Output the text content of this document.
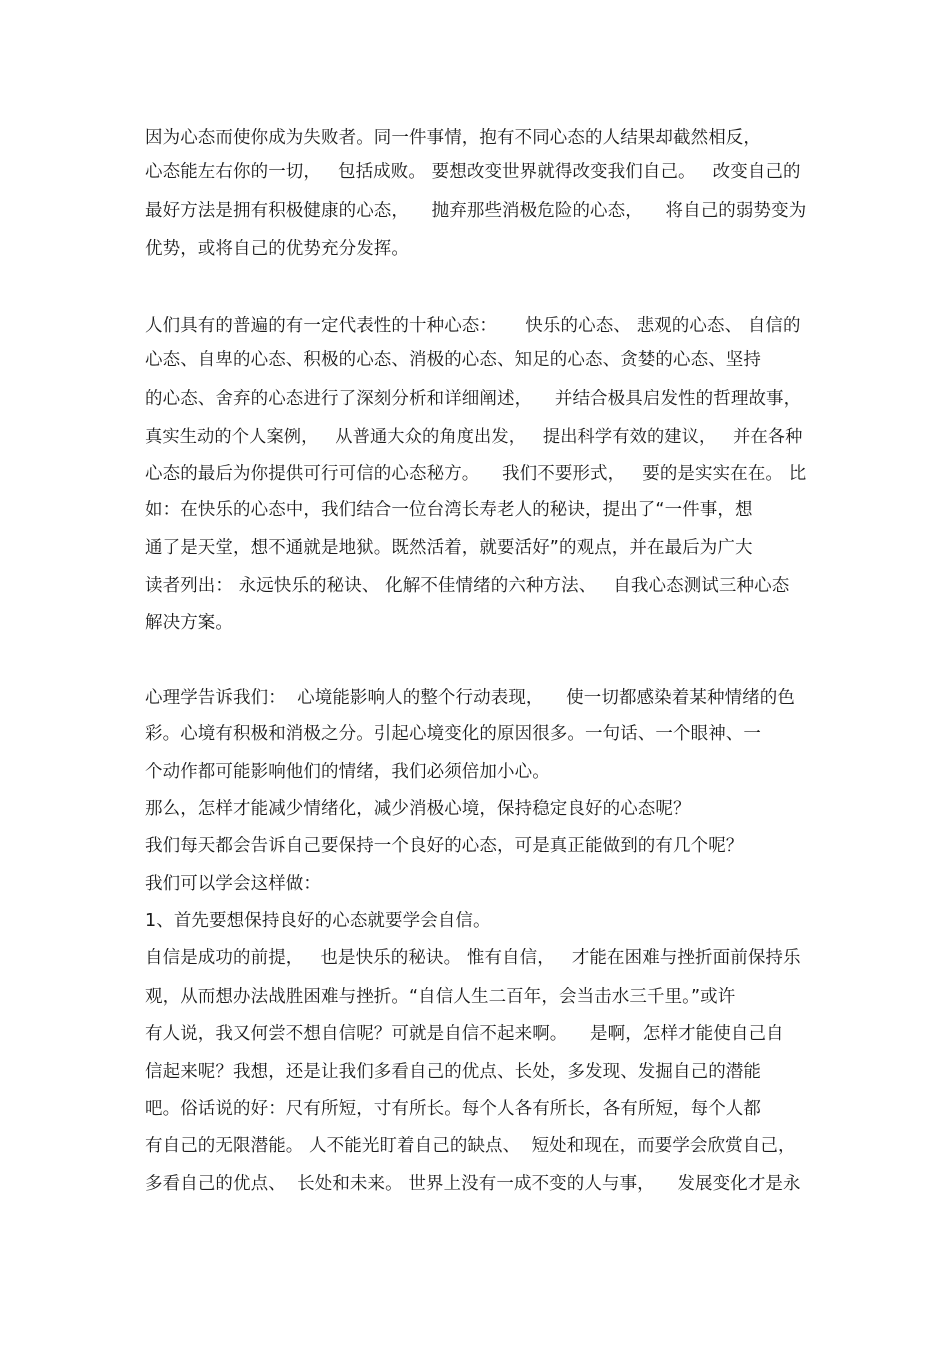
因为心态而使你成为失败者。同一件事情，抱有不同心态的人结果却截然相反，

心态能左右你的一切，   包括成败。 要想改变世界就得改变我们自己。   改变自己的

最好方法是拥有积极健康的心态，    抛弃那些消极危险的心态，    将自己的弱势变为

优势，或将自己的优势充分发挥。

人们具有的普遍的有一定代表性的十种心态：     快乐的心态、 悲观的心态、 自信的

心态、自卑的心态、积极的心态、消极的心态、知足的心态、贪婪的心态、坚持

的心态、舍弃的心态进行了深刻分析和详细阐述，    并结合极具启发性的哲理故事，

真实生动的个人案例，   从普通大众的角度出发，   提出科学有效的建议，   并在各种

心态的最后为你提供可行可信的心态秘方。    我们不要形式，   要的是实实在在。 比

如：在快乐的心态中，我们结合一位台湾长寿老人的秘诀，提出了“一件事，想

通了是天堂，想不通就是地狱。既然活着，就要活好”的观点，并在最后为广大

读者列出： 永远快乐的秘诀、 化解不佳情绪的六种方法、   自我心态测试三种心态

解决方案。

心理学告诉我们：  心境能影响人的整个行动表现，    使一切都感染着某种情绪的色

彩。心境有积极和消极之分。引起心境变化的原因很多。一句话、一个眼神、一

个动作都可能影响他们的情绪，我们必须倍加小心。

那么，怎样才能减少情绪化，减少消极心境，保持稳定良好的心态呢？

我们每天都会告诉自己要保持一个良好的心态，可是真正能做到的有几个呢？

我们可以学会这样做：

1、首先要想保持良好的心态就要学会自信。

自信是成功的前提，   也是快乐的秘诀。 惟有自信，   才能在困难与挫折面前保持乐

观，从而想办法战胜困难与挫折。“自信人生二百年，会当击水三千里。”或许

有人说，我又何尝不想自信呢？可就是自信不起来啊。    是啊，怎样才能使自己自

信起来呢？我想，还是让我们多看自己的优点、长处，多发现、发掘自己的潜能

吧。俗话说的好：尺有所短，寸有所长。每个人各有所长，各有所短，每个人都

有自己的无限潜能。 人不能光盯着自己的缺点、  短处和现在，而要学会欣赏自己，

多看自己的优点、  长处和未来。 世界上没有一成不变的人与事，    发展变化才是永
